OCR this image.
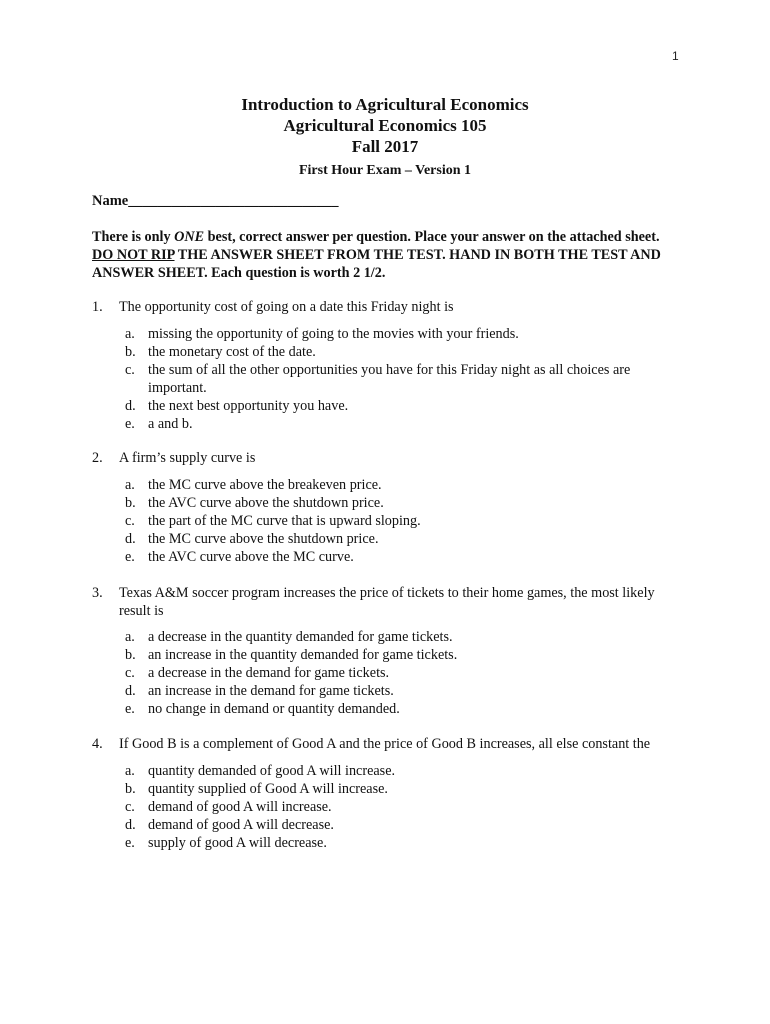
1
Introduction to Agricultural Economics
Agricultural Economics 105
Fall 2017
First Hour Exam – Version 1
Name_____________________________
There is only ONE best, correct answer per question. Place your answer on the attached sheet. DO NOT RIP THE ANSWER SHEET FROM THE TEST. HAND IN BOTH THE TEST AND ANSWER SHEET. Each question is worth 2 1/2.
1. The opportunity cost of going on a date this Friday night is
a. missing the opportunity of going to the movies with your friends.
b. the monetary cost of the date.
c. the sum of all the other opportunities you have for this Friday night as all choices are important.
d. the next best opportunity you have.
e. a and b.
2. A firm’s supply curve is
a. the MC curve above the breakeven price.
b. the AVC curve above the shutdown price.
c. the part of the MC curve that is upward sloping.
d. the MC curve above the shutdown price.
e. the AVC curve above the MC curve.
3. Texas A&M soccer program increases the price of tickets to their home games, the most likely result is
a. a decrease in the quantity demanded for game tickets.
b. an increase in the quantity demanded for game tickets.
c. a decrease in the demand for game tickets.
d. an increase in the demand for game tickets.
e. no change in demand or quantity demanded.
4. If Good B is a complement of Good A and the price of Good B increases, all else constant the
a. quantity demanded of good A will increase.
b. quantity supplied of Good A will increase.
c. demand of good A will increase.
d. demand of good A will decrease.
e. supply of good A will decrease.
